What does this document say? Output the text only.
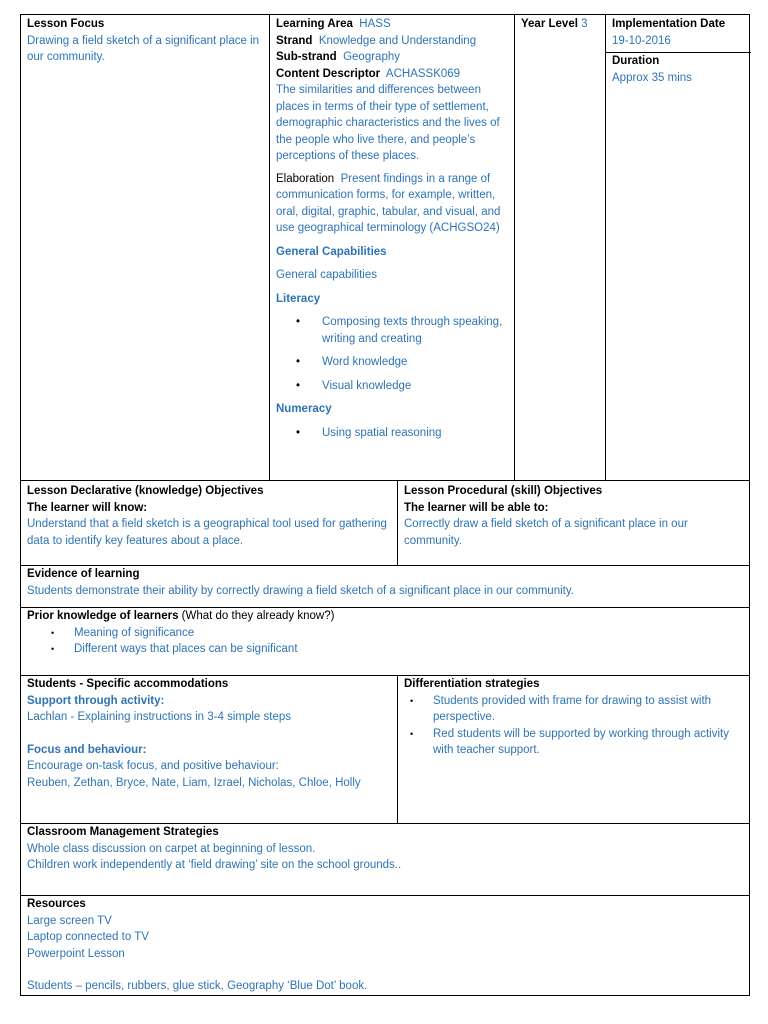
Lesson Focus
Drawing a field sketch of a significant place in our community.
Learning Area HASS
Strand Knowledge and Understanding
Sub-strand Geography
Content Descriptor ACHASSK069
The similarities and differences between places in terms of their type of settlement, demographic characteristics and the lives of the people who live there, and people’s perceptions of these places.
Elaboration Present findings in a range of communication forms, for example, written, oral, digital, graphic, tabular, and visual, and use geographical terminology (ACHGSO24)
General Capabilities
General capabilities
Literacy
• Composing texts through speaking, writing and creating
• Word knowledge
• Visual knowledge
Numeracy
• Using spatial reasoning
Year Level 3	Implementation Date
19-10-2016
Duration
Approx 35 mins
Lesson Declarative (knowledge) Objectives
The learner will know:
Understand that a field sketch is a geographical tool used for gathering data to identify key features about a place.
Lesson Procedural (skill) Objectives
The learner will be able to:
Correctly draw a field sketch of a significant place in our community.
Evidence of learning
Students demonstrate their ability by correctly drawing a field sketch of a significant place in our community.
Prior knowledge of learners (What do they already know?)
• Meaning of significance
• Different ways that places can be significant
Students - Specific accommodations
Support through activity:
Lachlan - Explaining instructions in 3-4 simple steps
Focus and behaviour:
Encourage on-task focus, and positive behaviour:
Reuben, Zethan, Bryce, Nate, Liam, Izrael, Nicholas, Chloe, Holly
Differentiation strategies
• Students provided with frame for drawing to assist with perspective.
• Red students will be supported by working through activity with teacher support.
Classroom Management Strategies
Whole class discussion on carpet at beginning of lesson.
Children work independently at ‘field drawing’ site on the school grounds..
Resources
Large screen TV
Laptop connected to TV
Powerpoint Lesson
Students – pencils, rubbers, glue stick, Geography ‘Blue Dot’ book.
